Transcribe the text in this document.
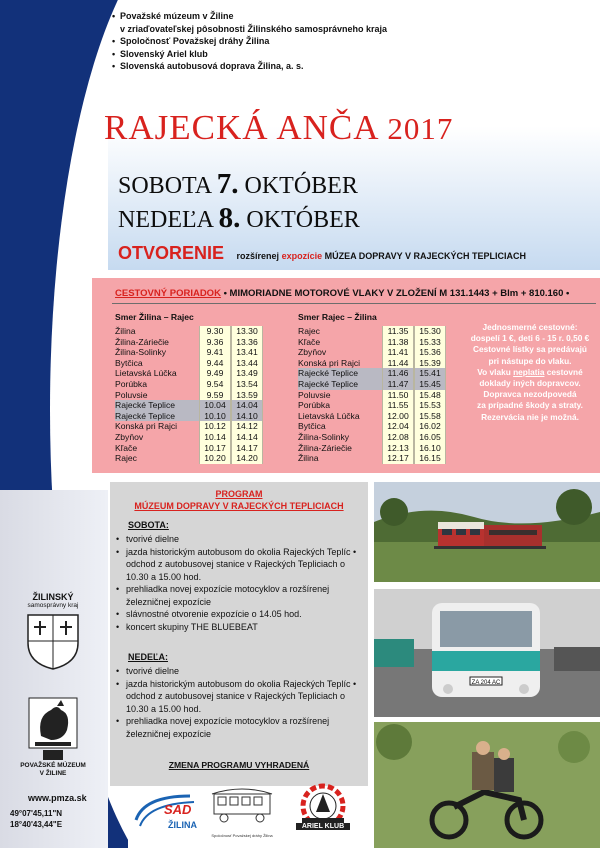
• Považské múzeum v Žiline
v zriaďovateľskej pôsobnosti Žilinského samosprávneho kraja
• Spoločnosť Považskej dráhy Žilina
• Slovenský Ariel klub
• Slovenská autobusová doprava Žilina, a. s.
RAJECKÁ ANČA 2017
SOBOTA 7. OKTÓBER
NEDEĽA 8. OKTÓBER
OTVORENIE rozšírenej expozície MÚZEA DOPRAVY V RAJECKÝCH TEPLICIACH
CESTOVNÝ PORIADOK • MIMORIADNE MOTOROVÉ VLAKY V ZLOŽENÍ M 131.1443 + Blm + 810.160 •
Smer Žilina – Rajec
Žilina	9.30	13.30
Žilina-Záriečie	9.36	13.36
Žilina-Solinky	9.41	13.41
Bytčica	9.44	13.44
Lietavská Lúčka	9.49	13.49
Porúbka	9.54	13.54
Poluvsie	9.59	13.59
Rajecké Teplice	10.04	14.04
Rajecké Teplice	10.10	14.10
Konská pri Rajci	10.12	14.12
Zbyňov	10.14	14.14
Kľače	10.17	14.17
Rajec	10.20	14.20
Smer Rajec – Žilina
Rajec	11.35	15.30
Kľače	11.38	15.33
Zbyňov	11.41	15.36
Konská pri Rajci	11.44	15.39
Rajecké Teplice	11.46	15.41
Rajecké Teplice	11.47	15.45
Poluvsie	11.50	15.48
Porúbka	11.55	15.53
Lietavská Lúčka	12.00	15.58
Bytčica	12.04	16.02
Žilina-Solinky	12.08	16.05
Žilina-Záriečie	12.13	16.10
Žilina	12.17	16.15
Jednosmerné cestovné:
dospelí 1 €, deti 6 - 15 r. 0,50 €
Cestovné lístky sa predávajú
pri nástupe do vlaku.
Vo vlaku neplatia cestovné
doklady iných dopravcov.
Dopravca nezodpovedá
za prípadné škody a straty.
Rezervácia nie je možná.
PROGRAM
MÚZEUM DOPRAVY V RAJECKÝCH TEPLICIACH
SOBOTA:
• tvorivé dielne
• jazda historickým autobusom do okolia Rajeckých Teplíc • odchod z autobusovej stanice v Rajeckých Tepliciach o 10.30 a 15.00 hod.
• prehliadka novej expozície motocyklov a rozšírenej železničnej expozície
• slávnostné otvorenie expozície o 14.05 hod.
• koncert skupiny THE BLUEBEAT
NEDEĽA:
• tvorivé dielne
• jazda historickým autobusom do okolia Rajeckých Teplíc • odchod z autobusovej stanice v Rajeckých Tepliciach o 10.30 a 15.00 hod.
• prehliadka novej expozície motocyklov a rozšírenej železničnej expozície
ZMENA PROGRAMU VYHRADENÁ
ZA 204 AC
ŽILINSKÝ
samosprávny kraj
POVAŽSKÉ MÚZEUM V ŽILINE
www.pmza.sk
49°07'45,11"N
18°40'43,44"E
SAD
ŽILINA
Spoločnosť Považskej dráhy Žilina
ARIEL KLUB
